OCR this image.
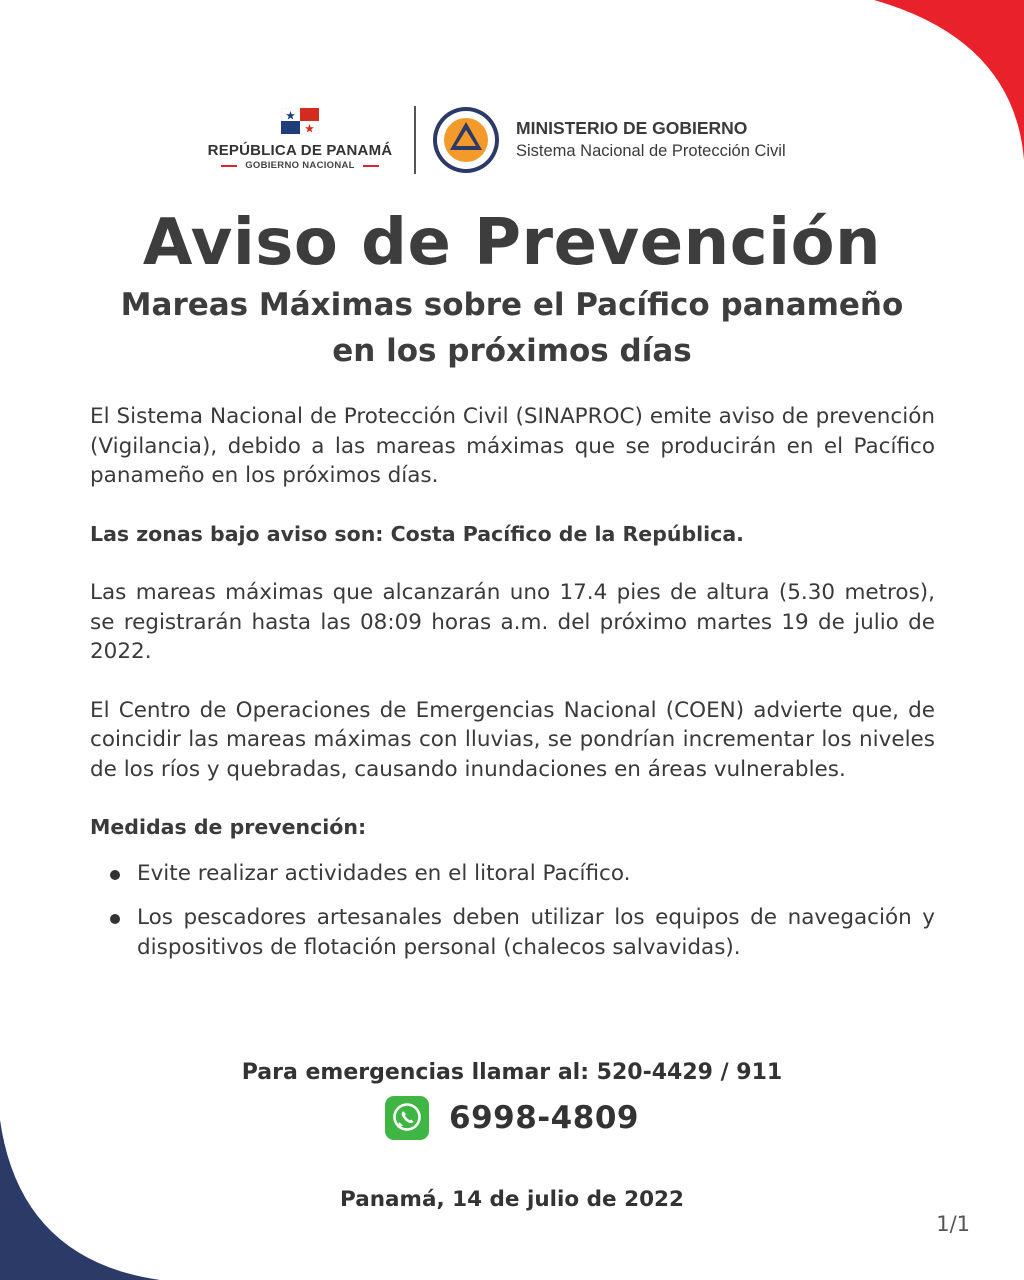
REPÚBLICA DE PANAMÁ
GOBIERNO NACIONAL
MINISTERIO DE GOBIERNO
Sistema Nacional de Protección Civil
Aviso de Prevención
Mareas Máximas sobre el Pacífico panameño
en los próximos días

El Sistema Nacional de Protección Civil (SINAPROC) emite aviso de prevención (Vigilancia), debido a las mareas máximas que se producirán en el Pacífico panameño en los próximos días.

Las zonas bajo aviso son: Costa Pacífico de la República.

Las mareas máximas que alcanzarán uno 17.4 pies de altura (5.30 metros), se registrarán hasta las 08:09 horas a.m. del próximo martes 19 de julio de 2022.

El Centro de Operaciones de Emergencias Nacional (COEN) advierte que, de coincidir las mareas máximas con lluvias, se pondrían incrementar los niveles de los ríos y quebradas, causando inundaciones en áreas vulnerables.

Medidas de prevención:

Evite realizar actividades en el litoral Pacífico.
Los pescadores artesanales deben utilizar los equipos de navegación y dispositivos de flotación personal (chalecos salvavidas).
Para emergencias llamar al: 520-4429 / 911
6998-4809
Panamá, 14 de julio de 2022
1/1
